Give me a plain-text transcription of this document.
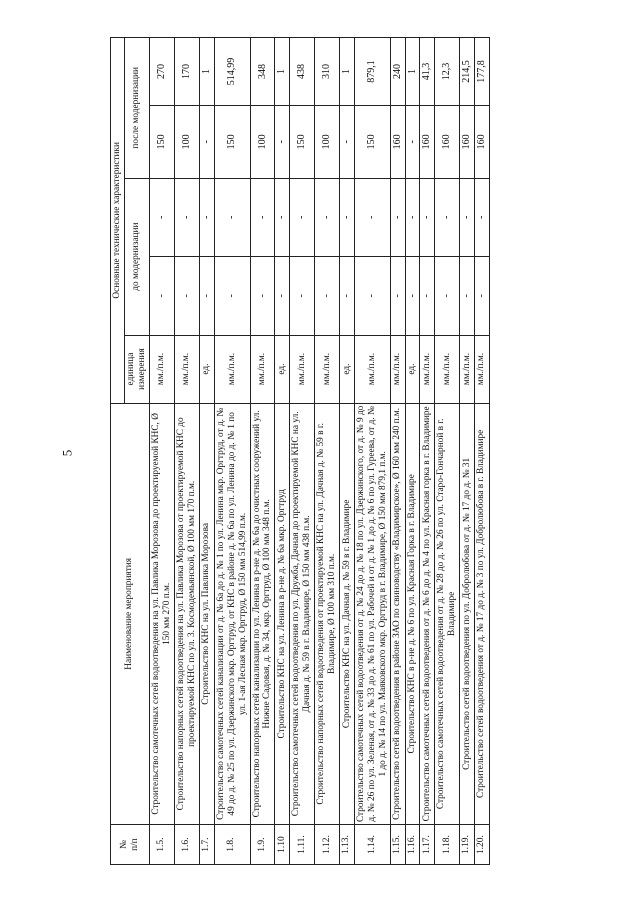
5
№
п/п	Наименование мероприятия	Основные технические характеристики				
		единица измерения	до модернизации		после модернизации	
1.5.	Строительство самотечных сетей водоотведения на ул. Павлика Морозова до проектируемой КНС, Ø 150 мм 270 п.м.	мм./п.м.	-	-	150	270
1.6.	Строительство напорных сетей водоотведения на ул. Павлика Морозова от проектируемой КНС до проектируемой КНС по ул. 3. Космодемьянской, Ø 100 мм 170 п.м.	мм./п.м.	-	-	100	170
1.7.	Строительство КНС на ул. Павлика Морозова	ед.	-	-	-	1
1.8.	Строительство самотечных сетей канализации от д. № 6а до д. № 1 по ул. Ленина мкр. Оргтруд, от д. № 49 до д. № 25 по ул. Дзержинского мкр. Оргтруд, от КНС в районе д. № 6а по ул. Ленина до д. № 1 по ул. 1-ая Лесная мкр. Оргтруд, Ø 150 мм 514,99 п.м.	мм./п.м.	-	-	150	514,99
1.9.	Строительство напорных сетей канализации по ул. Ленина в р-не д. № 6а до очистных сооружений ул. Нижне Садовая, д. № 34, мкр. Оргтруд, Ø 100 мм 348 п.м.	мм./п.м.	-	-	100	348
1.10	Строительство КНС на ул. Ленина в р-не д. № 6а мкр. Оргтруд	ед.	-	-	-	1
1.11.	Строительство самотечных сетей водоотведения по ул. Дружба, Дачная до проектируемой КНС на ул. Дачная д. № 59 в г. Владимире, Ø 150 мм 438 п.м.	мм./п.м.	-	-	150	438
1.12.	Строительство напорных сетей водоотведения от проектируемой КНС на ул. Дачная д. № 59 в г. Владимире, Ø 100 мм 310 п.м.	мм./п.м.	-	-	100	310
1.13.	Строительство КНС на ул. Дачная д. № 59 в г. Владимире	ед.	-	-	-	1
1.14.	Строительство самотечных сетей водоотведения от д. № 24 до д. № 18 по ул. Дзержинского, от д. № 9 до д. № 26 по ул. Зеленая, от д. № 33 до д. № 61 по ул. Рабочей и от д. № 1 до д. № 6 по ул. Гуреева, от д. № 1 до д. № 14 по ул. Маяковского мкр. Оргтруд в г. Владимире, Ø 150 мм 879,1 п.м.	мм./п.м.	-	-	150	879,1
1.15.	Строительство сетей водоотведения в районе ЗАО по свиноводству «Владимирское», Ø 160 мм 240 п.м.	мм./п.м.	-	-	160	240
1.16.	Строительство КНС в р-не д. № 6 по ул. Красная Горка в г. Владимире	ед.	-	-	-	1
1.17.	Строительство самотечных сетей водоотведения от д. № 6 до д. № 4 по ул. Красная горка в г. Владимире	мм./п.м.	-	-	160	41,3
1.18.	Строительство самотечных сетей водоотведения от д. № 28 до д. № 26 по ул. Старо-Гончарной в г. Владимире	мм./п.м.	-	-	160	12,3
1.19.	Строительство сетей водоотведения по ул. Добролюбова от д. № 17 до д. № 31	мм./п.м.	-	-	160	214,5
1.20.	Строительство сетей водоотведения от д. № 17 до д. № 3 по ул. Добролюбова в г. Владимире	мм./п.м.	-	-	160	177,8
